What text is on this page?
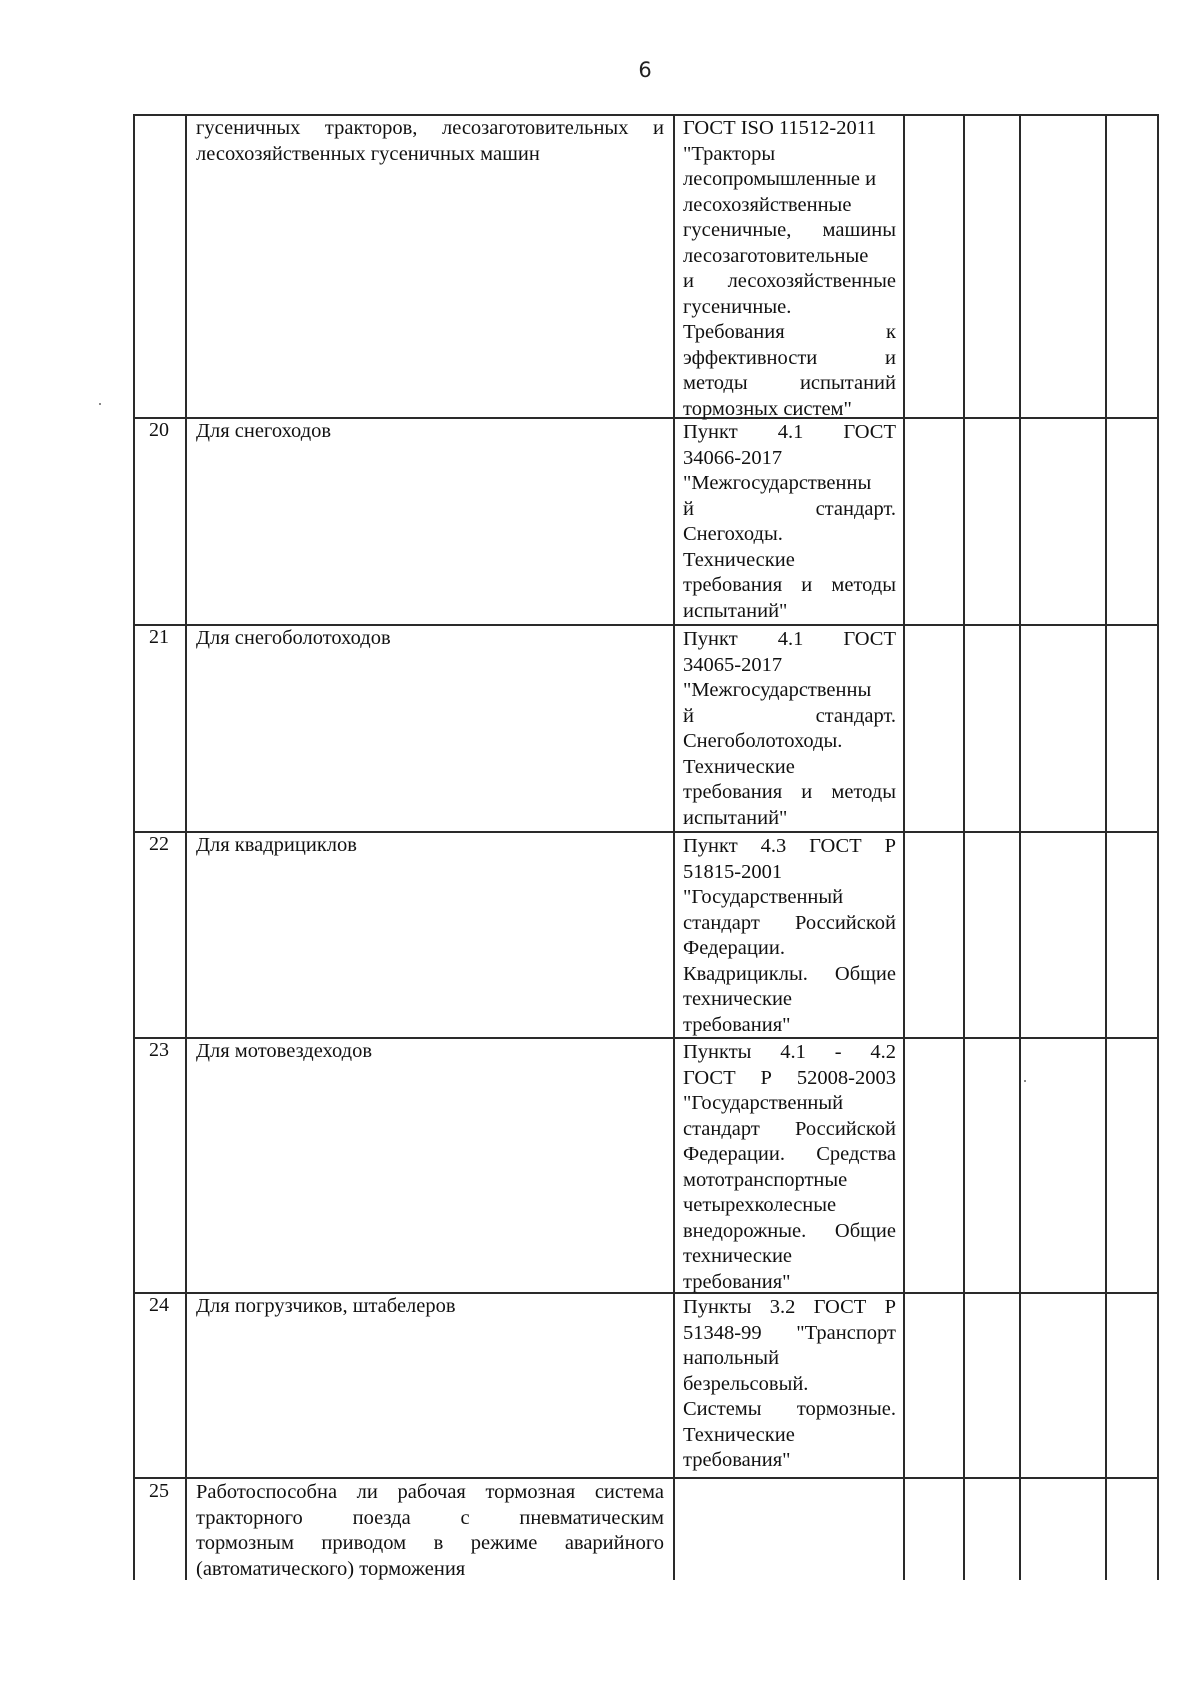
6
гусеничных тракторов, лесозаготовительных и лесохозяйственных гусеничных машин
ГОСТ ISO 11512-2011
"Тракторы
лесопромышленные и
лесохозяйственные
гусеничные, машины
лесозаготовительные
и лесохозяйственные
гусеничные.
Требования к
эффективности и
методы испытаний
тормозных систем"
20	Для снегоходов	Пункт 4.1 ГОСТ
34066-2017
"Межгосударственны
й стандарт.
Снегоходы.
Технические
требования и методы
испытаний"
21	Для снегоболотоходов	Пункт 4.1 ГОСТ
34065-2017
"Межгосударственны
й стандарт.
Снегоболотоходы.
Технические
требования и методы
испытаний"
22	Для квадрициклов	Пункт 4.3 ГОСТ Р
51815-2001
"Государственный
стандарт Российской
Федерации.
Квадрициклы. Общие
технические
требования"
23	Для мотовездеходов	Пункты 4.1 - 4.2
ГОСТ Р 52008-2003
"Государственный
стандарт Российской
Федерации. Средства
мототранспортные
четырехколесные
внедорожные. Общие
технические
требования"
24	Для погрузчиков, штабелеров	Пункты 3.2 ГОСТ Р
51348-99 "Транспорт
напольный
безрельсовый.
Системы тормозные.
Технические
требования"
25	Работоспособна ли рабочая тормозная система
тракторного поезда с пневматическим
тормозным приводом в режиме аварийного
(автоматического) торможения
